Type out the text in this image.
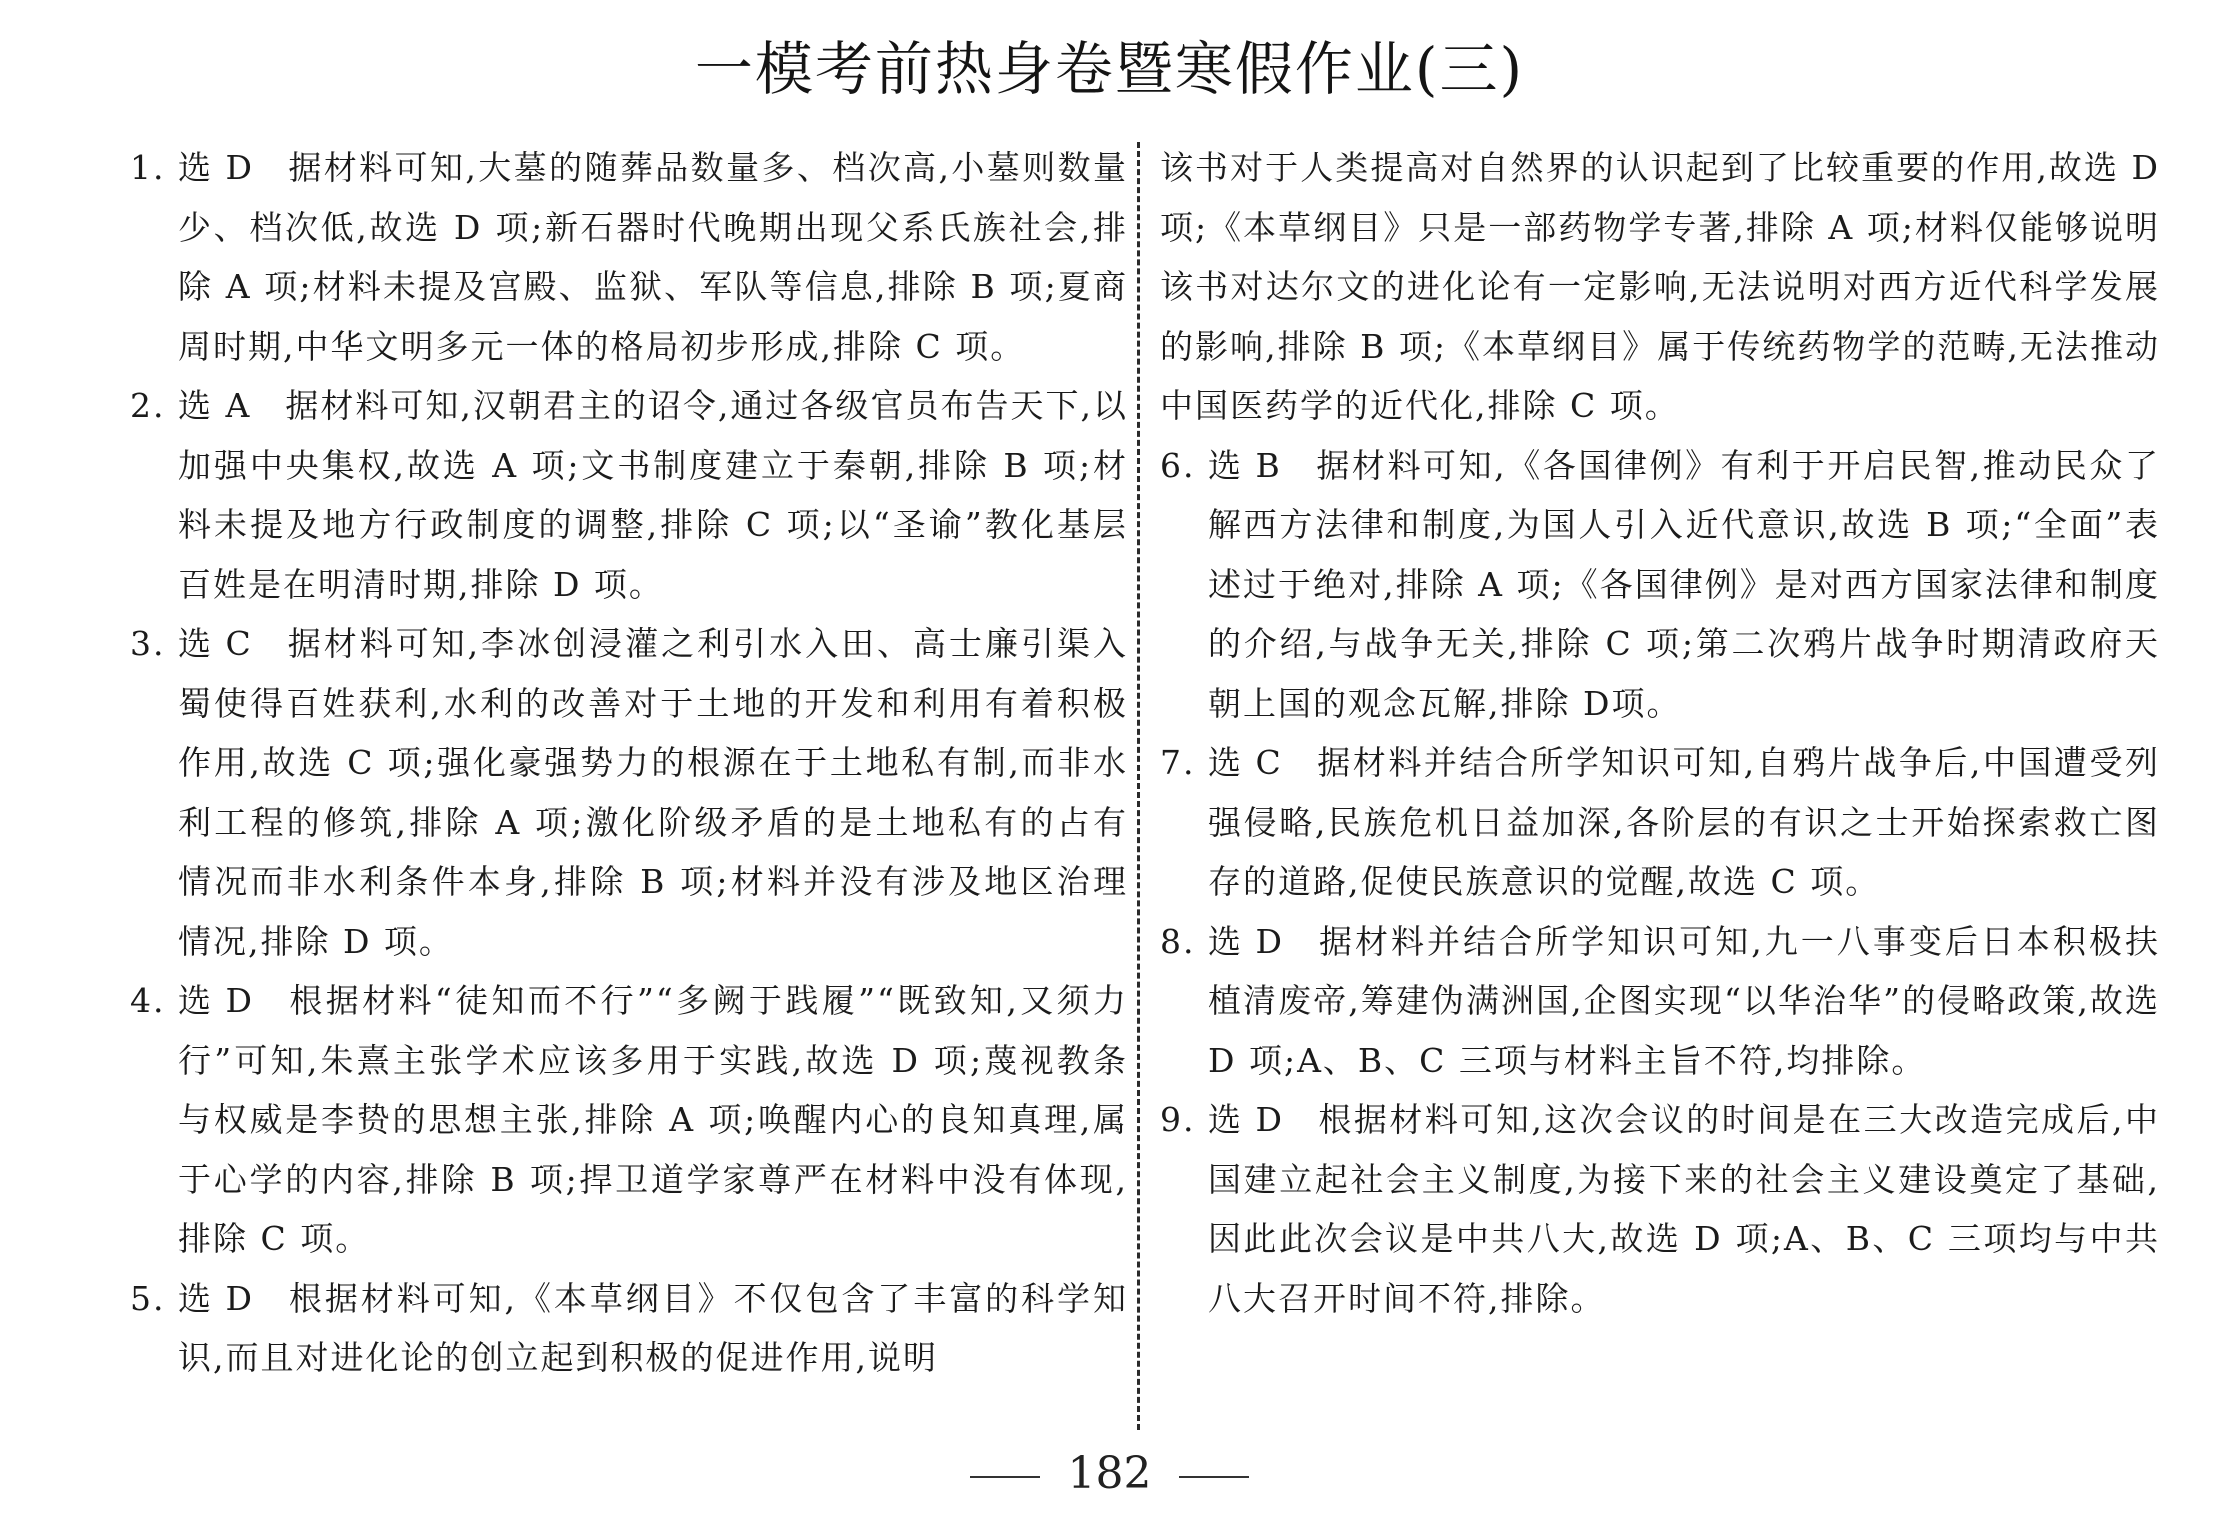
一模考前热身卷暨寒假作业(三)

1. 选 D 据材料可知,大墓的随葬品数量多、档次高,小墓则数量少、档次低,故选 D 项;新石器时代晚期出现父系氏族社会,排除 A 项;材料未提及宫殿、监狱、军队等信息,排除 B 项;夏商周时期,中华文明多元一体的格局初步形成,排除 C 项。

2. 选 A 据材料可知,汉朝君主的诏令,通过各级官员布告天下,以加强中央集权,故选 A 项;文书制度建立于秦朝,排除 B 项;材料未提及地方行政制度的调整,排除 C 项;以“圣谕”教化基层百姓是在明清时期,排除 D 项。

3. 选 C 据材料可知,李冰创浸灌之利引水入田、高士廉引渠入蜀使得百姓获利,水利的改善对于土地的开发和利用有着积极作用,故选 C 项;强化豪强势力的根源在于土地私有制,而非水利工程的修筑,排除 A 项;激化阶级矛盾的是土地私有的占有情况而非水利条件本身,排除 B 项;材料并没有涉及地区治理情况,排除 D 项。

4. 选 D 根据材料“徒知而不行”“多阙于践履”“既致知,又须力行”可知,朱熹主张学术应该多用于实践,故选 D 项;蔑视教条与权威是李贽的思想主张,排除 A 项;唤醒内心的良知真理,属于心学的内容,排除 B 项;捍卫道学家尊严在材料中没有体现,排除 C 项。

5. 选 D 根据材料可知,《本草纲目》不仅包含了丰富的科学知识,而且对进化论的创立起到积极的促进作用,说明

该书对于人类提高对自然界的认识起到了比较重要的作用,故选 D 项;《本草纲目》只是一部药物学专著,排除 A 项;材料仅能够说明该书对达尔文的进化论有一定影响,无法说明对西方近代科学发展的影响,排除 B 项;《本草纲目》属于传统药物学的范畴,无法推动中国医药学的近代化,排除 C 项。

6. 选 B 据材料可知,《各国律例》有利于开启民智,推动民众了解西方法律和制度,为国人引入近代意识,故选 B 项;“全面”表述过于绝对,排除 A 项;《各国律例》是对西方国家法律和制度的介绍,与战争无关,排除 C 项;第二次鸦片战争时期清政府天朝上国的观念瓦解,排除 D项。

7. 选 C 据材料并结合所学知识可知,自鸦片战争后,中国遭受列强侵略,民族危机日益加深,各阶层的有识之士开始探索救亡图存的道路,促使民族意识的觉醒,故选 C 项。

8. 选 D 据材料并结合所学知识可知,九一八事变后日本积极扶植清废帝,筹建伪满洲国,企图实现“以华治华”的侵略政策,故选 D 项;A、B、C 三项与材料主旨不符,均排除。

9. 选 D 根据材料可知,这次会议的时间是在三大改造完成后,中国建立起社会主义制度,为接下来的社会主义建设奠定了基础,因此此次会议是中共八大,故选 D 项;A、B、C 三项均与中共八大召开时间不符,排除。

182
